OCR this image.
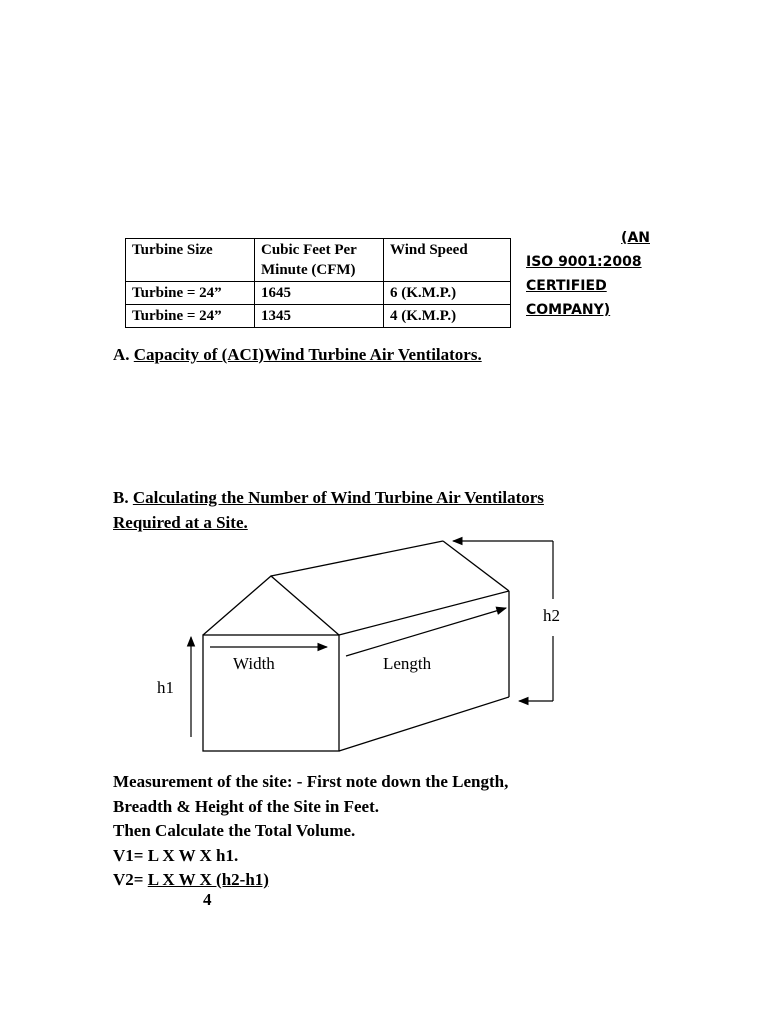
Turbine Size	Cubic Feet Per Minute (CFM)	Wind Speed
Turbine = 24”	1645	6 (K.M.P.)
Turbine = 24”	1345	4 (K.M.P.)
(AN
ISO 9001:2008
CERTIFIED
COMPANY)
A. Capacity of (ACI)Wind Turbine Air Ventilators.
B. Calculating the Number of Wind Turbine Air Ventilators
Required at a Site.
Width	Length
h1
h2
Measurement of the site: - First note down the Length,
Breadth & Height of the Site in Feet.
Then Calculate the Total Volume.
V1= L X W X h1.
V2= L X W X (h2-h1)
4
